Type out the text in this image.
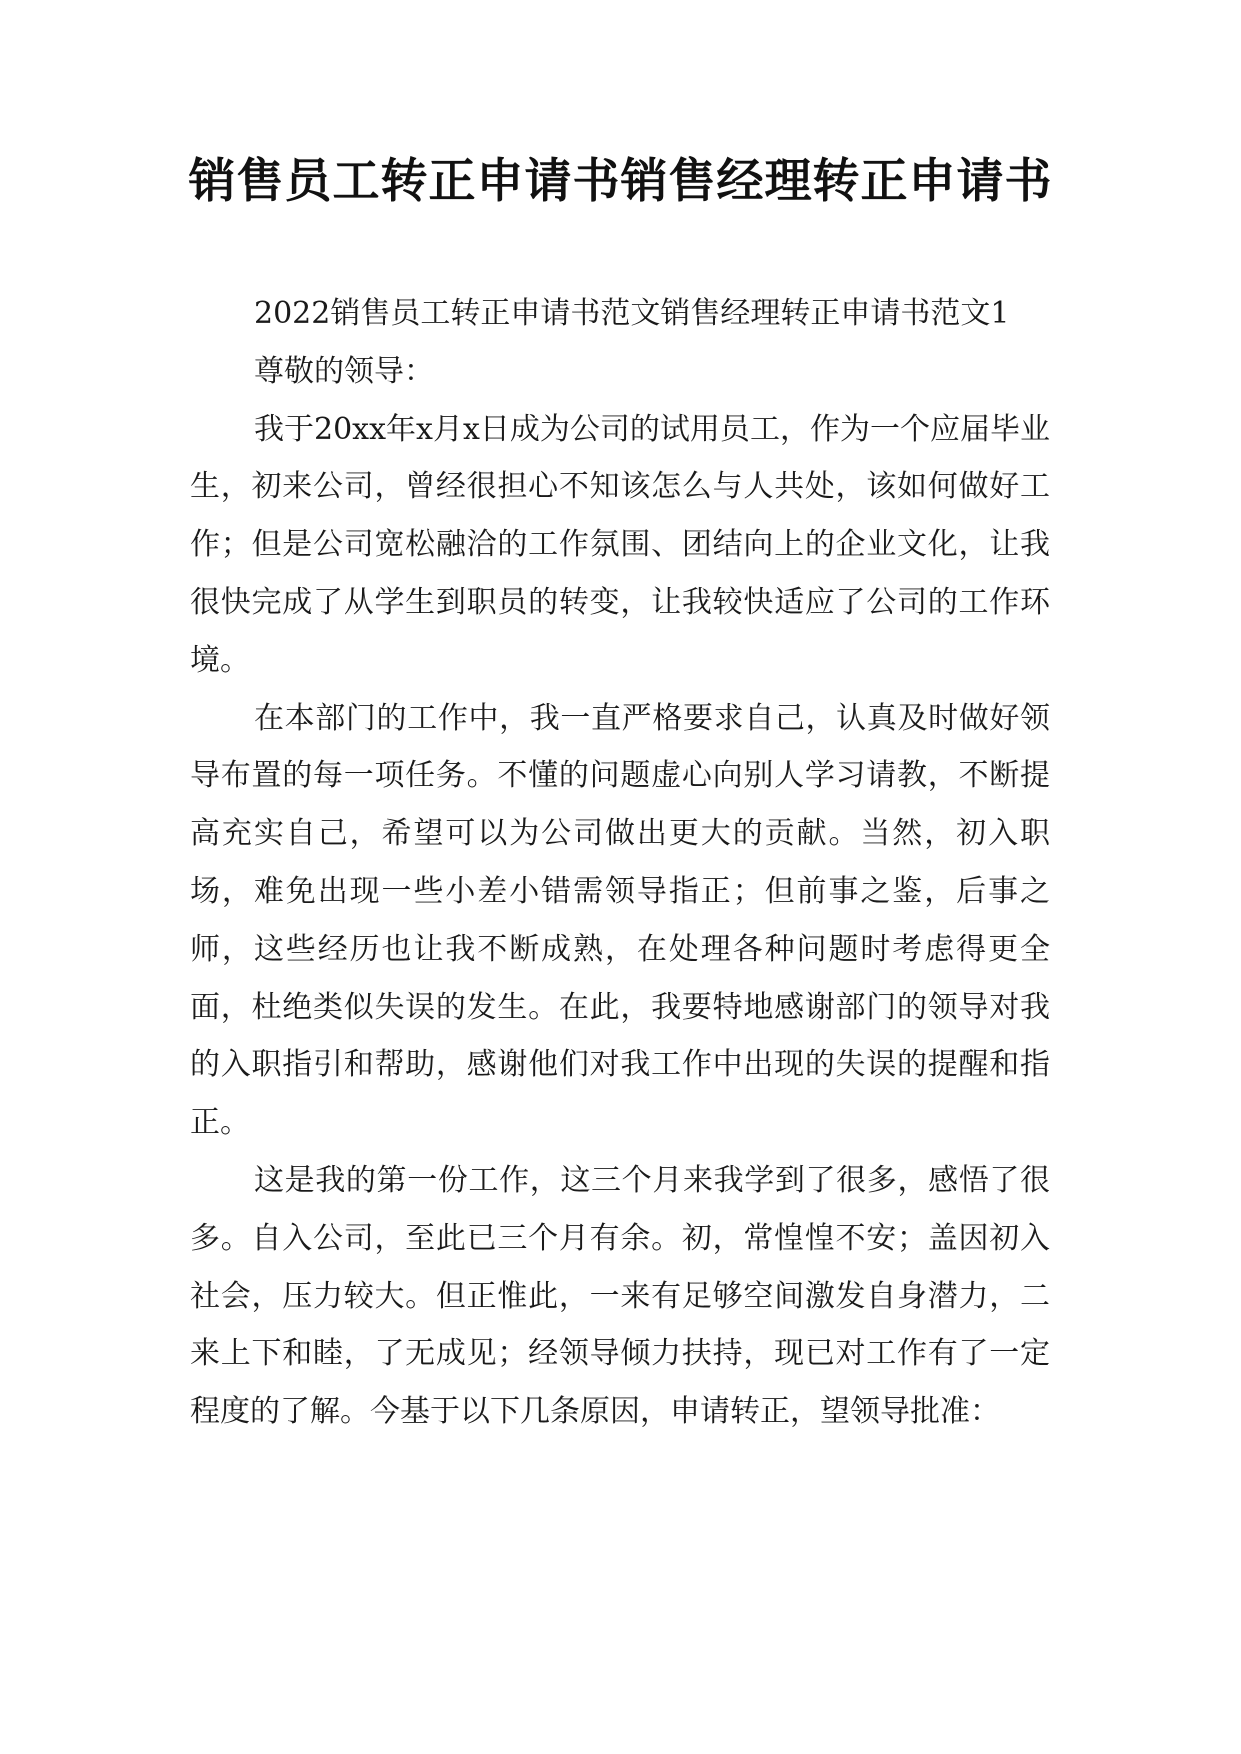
销售员工转正申请书销售经理转正申请书

2022销售员工转正申请书范文销售经理转正申请书范文1

尊敬的领导：

我于20xx年x月x日成为公司的试用员工，作为一个应届毕业生，初来公司，曾经很担心不知该怎么与人共处，该如何做好工作；但是公司宽松融洽的工作氛围、团结向上的企业文化，让我很快完成了从学生到职员的转变，让我较快适应了公司的工作环境。

在本部门的工作中，我一直严格要求自己，认真及时做好领导布置的每一项任务。不懂的问题虚心向别人学习请教，不断提高充实自己，希望可以为公司做出更大的贡献。当然，初入职场，难免出现一些小差小错需领导指正；但前事之鉴，后事之师，这些经历也让我不断成熟，在处理各种问题时考虑得更全面，杜绝类似失误的发生。在此，我要特地感谢部门的领导对我的入职指引和帮助，感谢他们对我工作中出现的失误的提醒和指正。

这是我的第一份工作，这三个月来我学到了很多，感悟了很多。自入公司，至此已三个月有余。初，常惶惶不安；盖因初入社会，压力较大。但正惟此，一来有足够空间激发自身潜力，二来上下和睦，了无成见；经领导倾力扶持，现已对工作有了一定程度的了解。今基于以下几条原因，申请转正，望领导批准：
